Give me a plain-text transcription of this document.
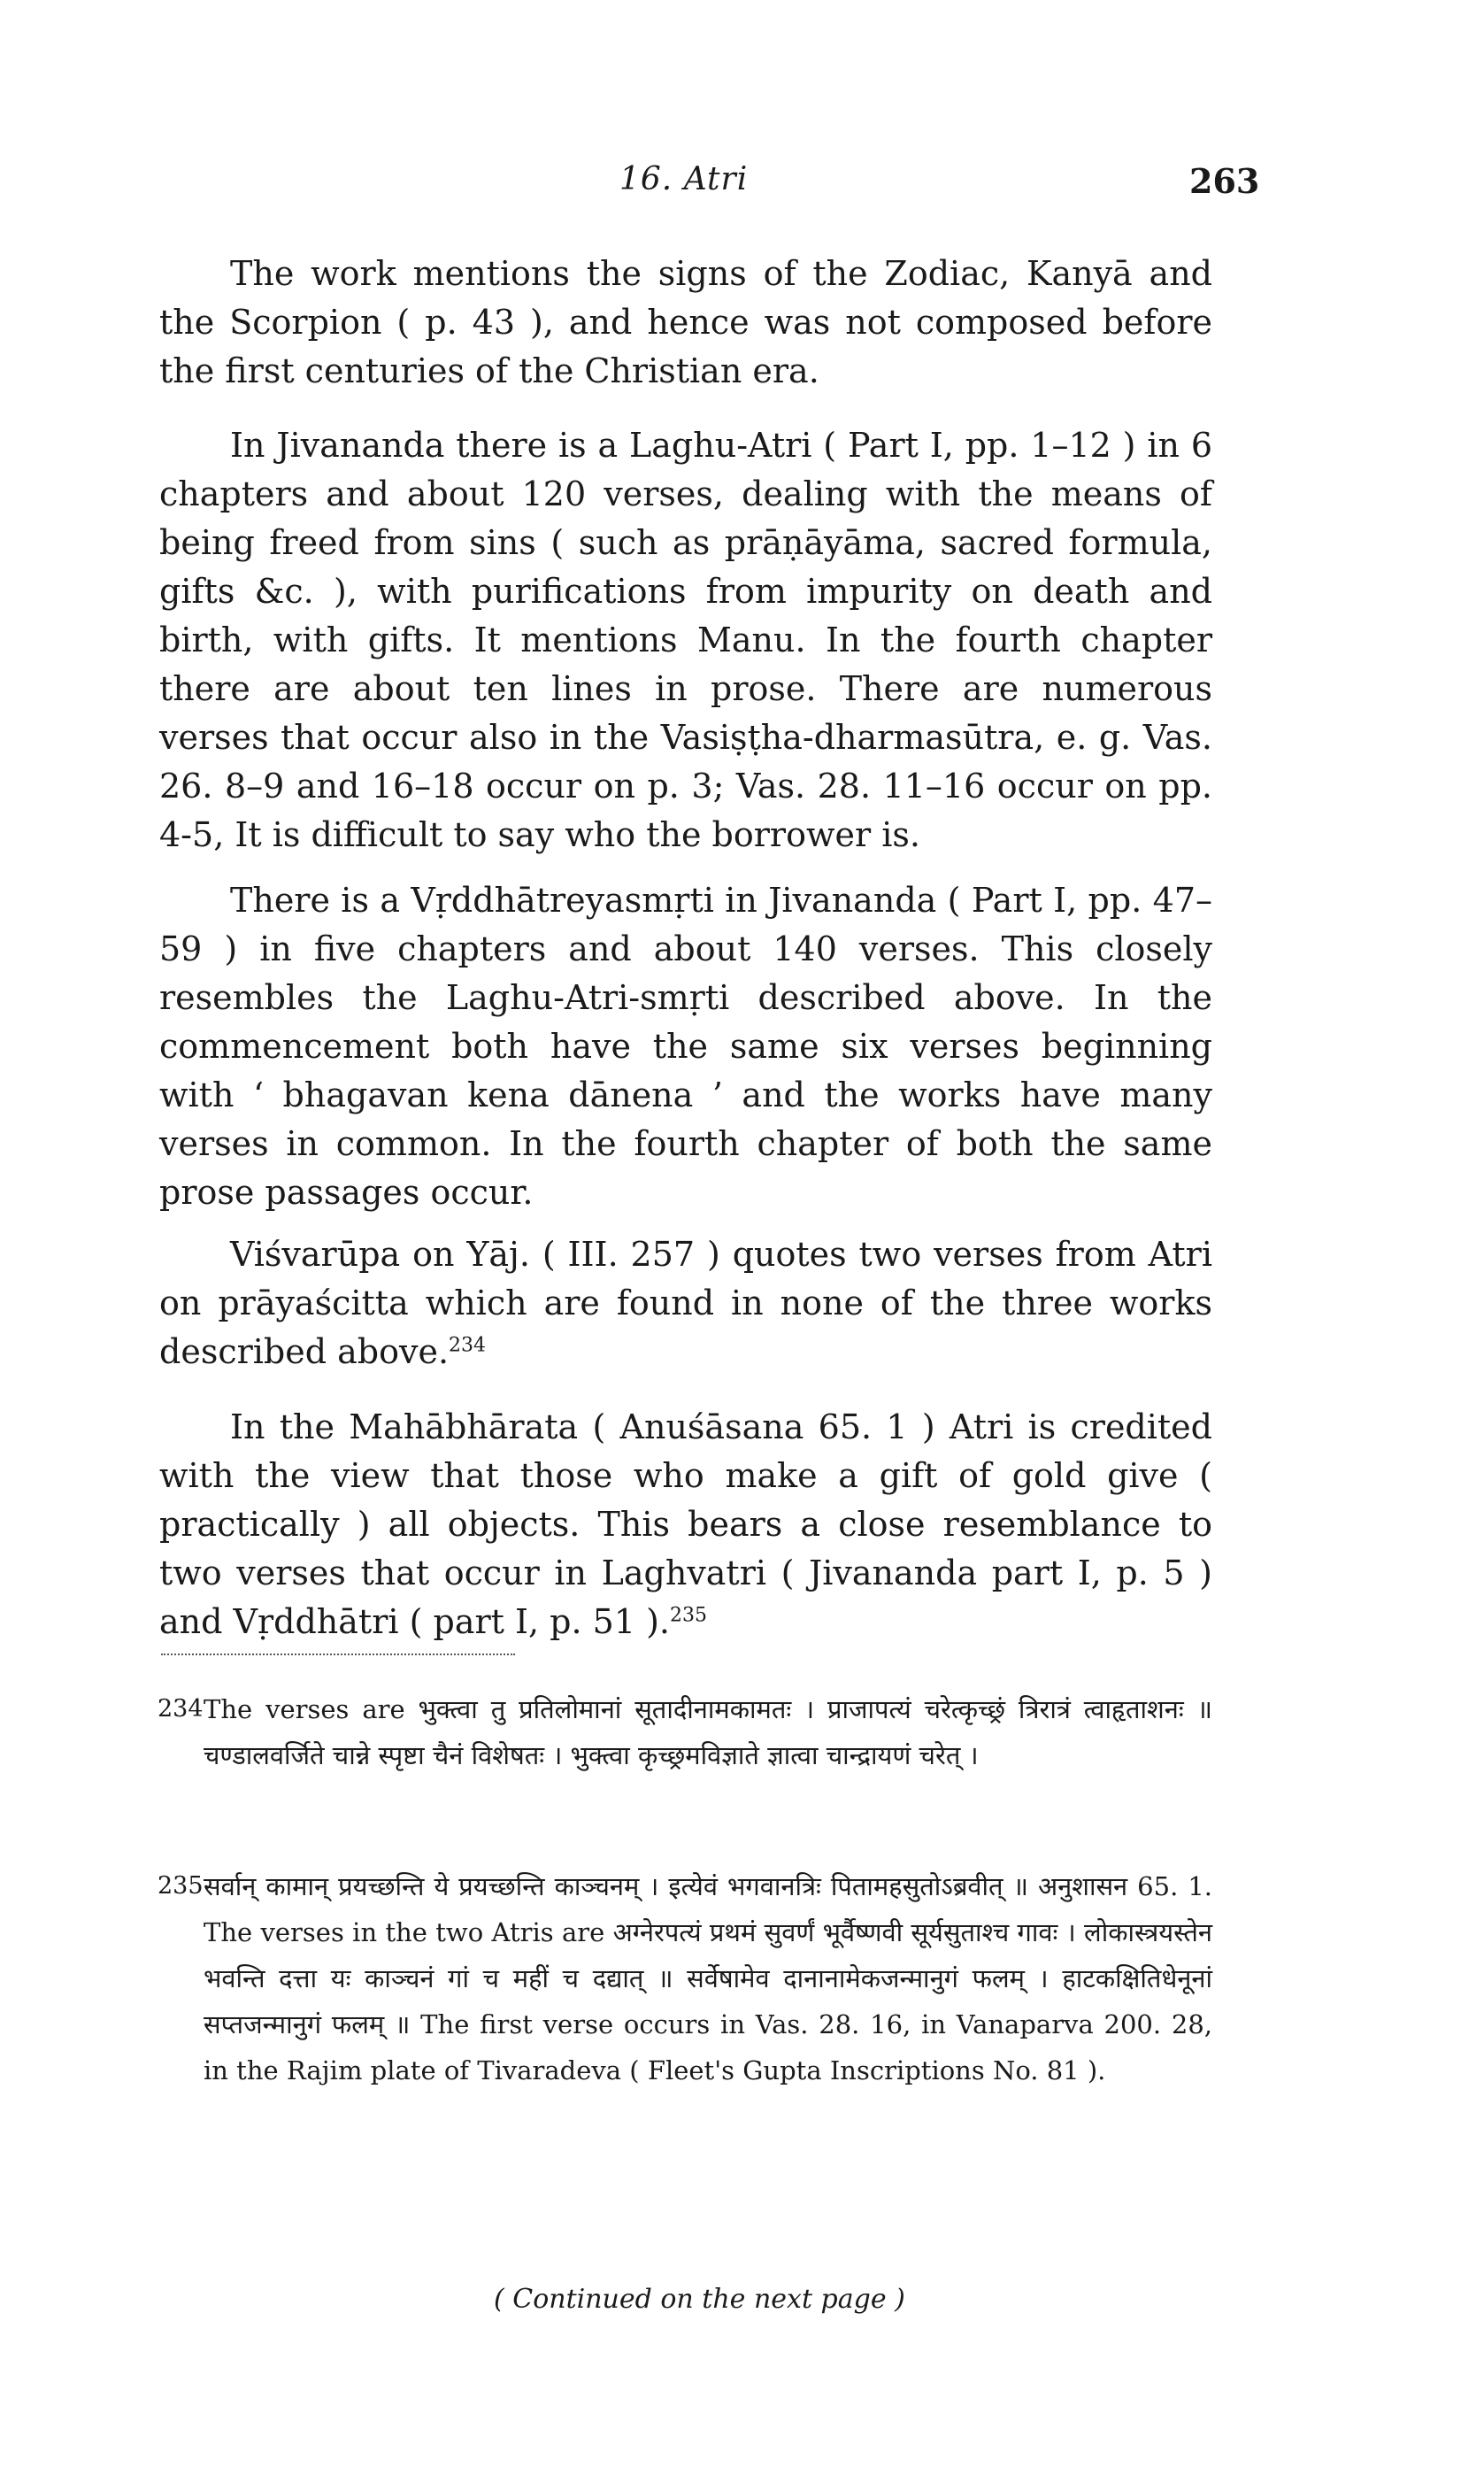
16. Atri	263

The work mentions the signs of the Zodiac, Kanyā and the Scorpion ( p. 43 ), and hence was not composed before the first centuries of the Christian era.

In Jivananda there is a Laghu-Atri ( Part I, pp. 1–12 ) in 6 chapters and about 120 verses, dealing with the means of being freed from sins ( such as prāṇāyāma, sacred formula, gifts &c. ), with purifications from impurity on death and birth, with gifts. It mentions Manu. In the fourth chapter there are about ten lines in prose. There are numerous verses that occur also in the Vasiṣṭha-dharmasūtra, e. g. Vas. 26. 8–9 and 16–18 occur on p. 3; Vas. 28. 11–16 occur on pp. 4-5, It is difficult to say who the borrower is.

There is a Vṛddhātreyasmṛti in Jivananda ( Part I, pp. 47–59 ) in five chapters and about 140 verses. This closely resembles the Laghu-Atri-smṛti described above. In the commencement both have the same six verses beginning with ‘ bhagavan kena dānena ’ and the works have many verses in common. In the fourth chapter of both the same prose passages occur.

Viśvarūpa on Yāj. ( III. 257 ) quotes two verses from Atri on prāyaścitta which are found in none of the three works described above.$^{234}$

In the Mahābhārata ( Anuśāsana 65. 1 ) Atri is credited with the view that those who make a gift of gold give ( practically ) all objects. This bears a close resemblance to two verses that occur in Laghvatri ( Jivananda part I, p. 5 ) and Vṛddhātri ( part I, p. 51 ).$^{235}$

234 The verses are भुक्त्वा तु प्रतिलोमानां सूतादीनामकामतः । प्राजापत्यं चरेत्कृच्छ्रं त्रिरात्रं त्वाहृताशनः ॥ चण्डालवर्जिते चान्ने स्पृष्टा चैनं विशेषतः । भुक्त्वा कृच्छ्रमविज्ञाते ज्ञात्वा चान्द्रायणं चरेत् ।
235 सर्वान् कामान् प्रयच्छन्ति ये प्रयच्छन्ति काञ्चनम् । इत्येवं भगवानत्रिः पितामहसुतोऽब्रवीत् ॥ अनुशासन 65. 1. The verses in the two Atris are अग्नेरपत्यं प्रथमं सुवर्णं भूर्वैष्णवी सूर्यसुताश्च गावः । लोकास्त्रयस्तेन भवन्ति दत्ता यः काञ्चनं गां च महीं च दद्यात् ॥ सर्वेषामेव दानानामेकजन्मानुगं फलम् । हाटकक्षितिधेनूनां सप्तजन्मानुगं फलम् ॥ The first verse occurs in Vas. 28. 16, in Vanaparva 200. 28, in the Rajim plate of Tivaradeva ( Fleet's Gupta Inscriptions No. 81 ).
( Continued on the next page )
